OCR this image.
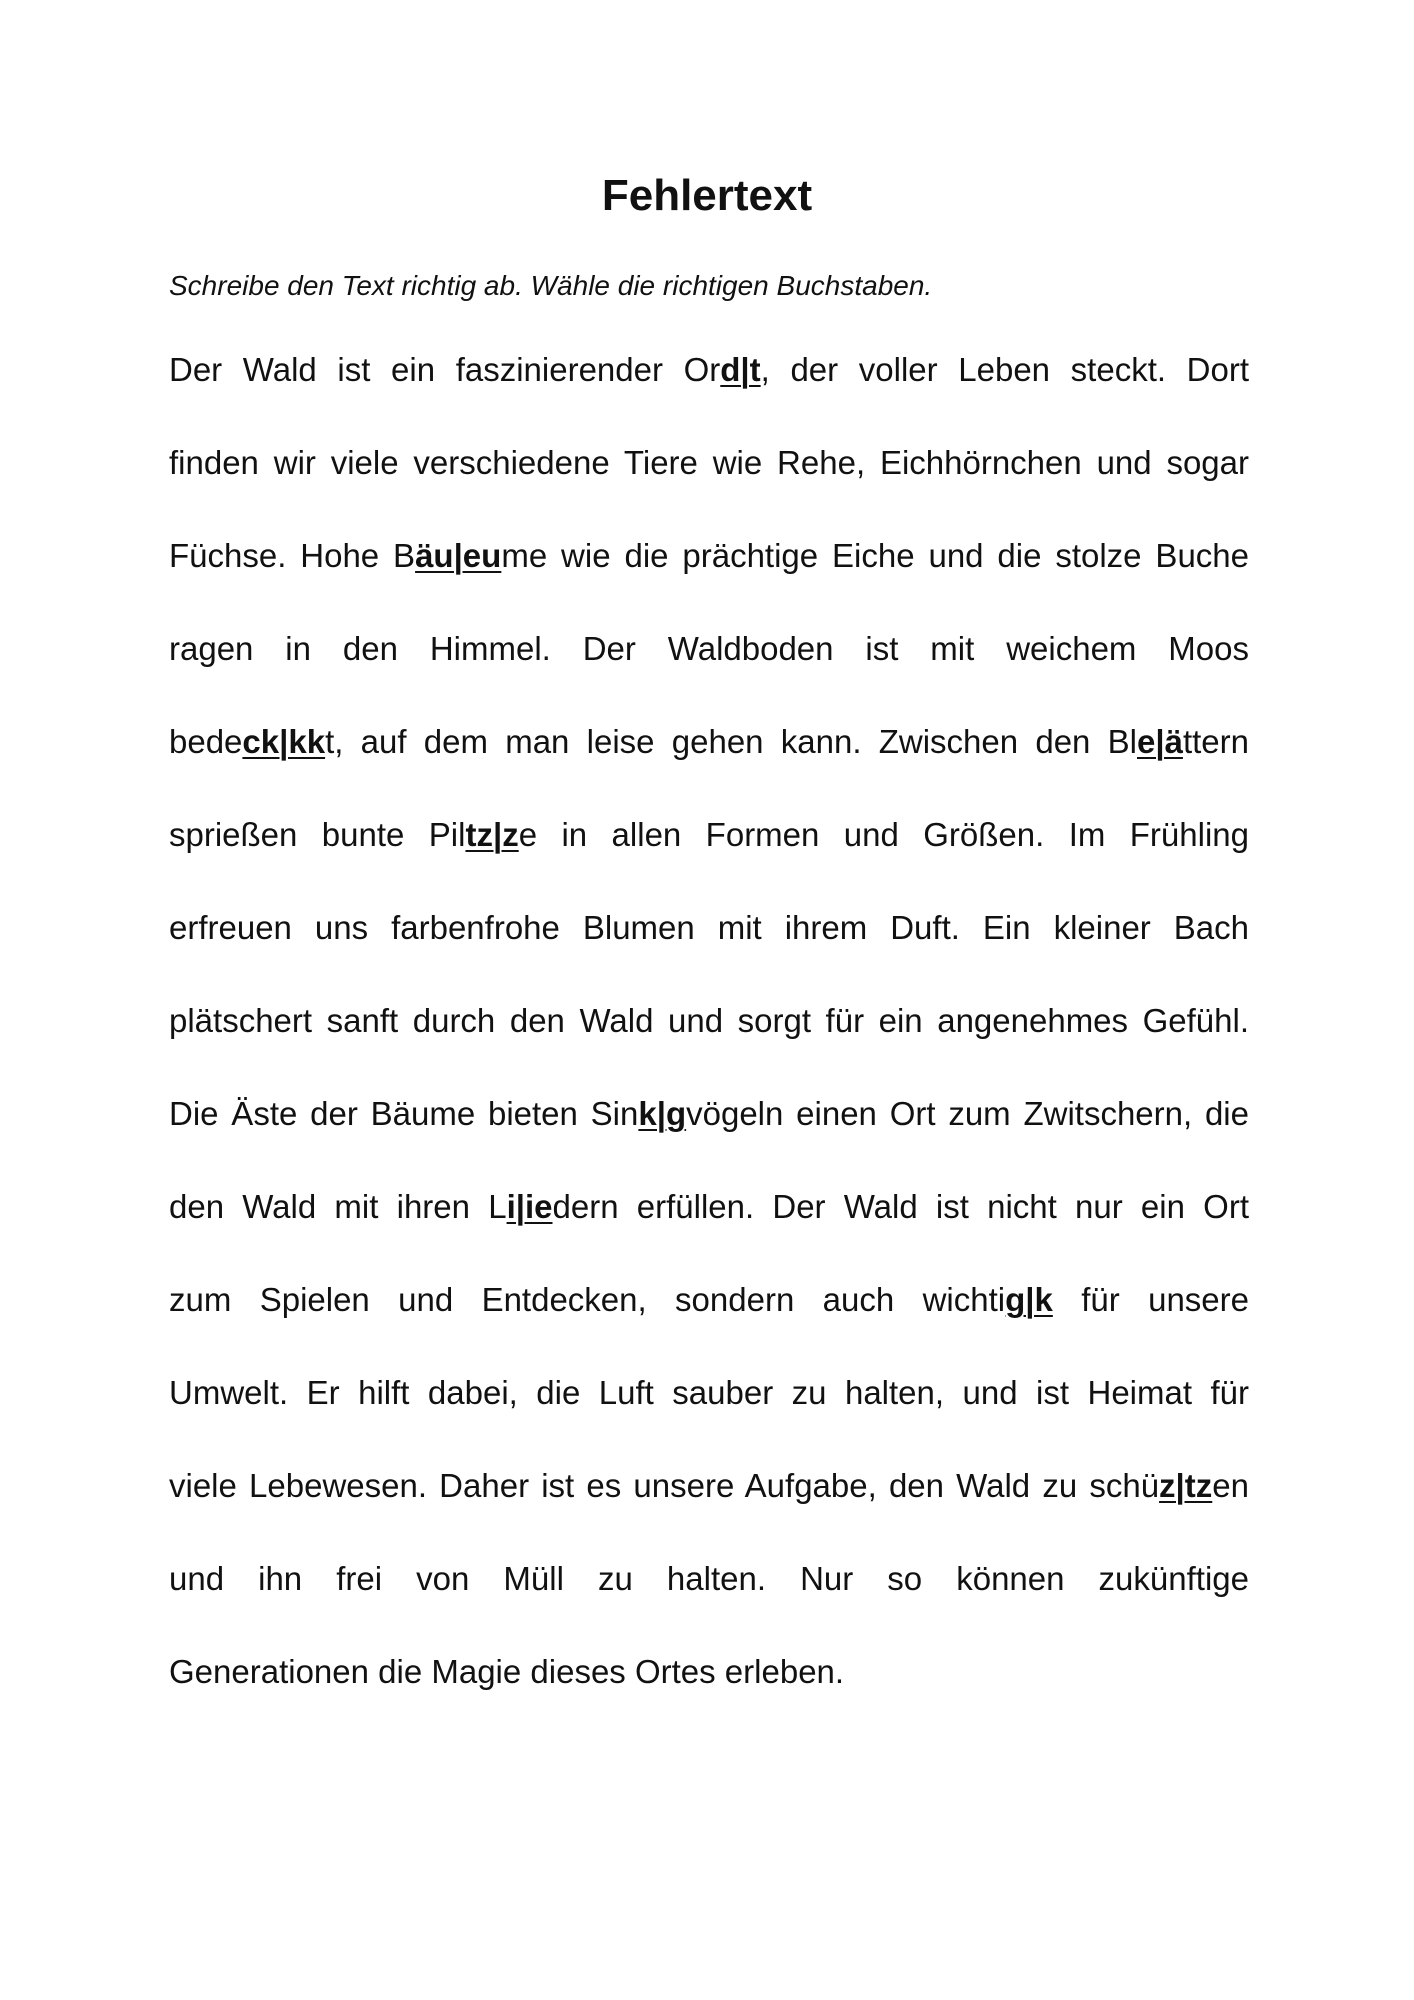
Fehlertext
Schreibe den Text richtig ab. Wähle die richtigen Buchstaben.
Der Wald ist ein faszinierender Ord|t, der voller Leben steckt. Dort
finden wir viele verschiedene Tiere wie Rehe, Eichhörnchen und sogar
Füchse. Hohe Bäu|eume wie die prächtige Eiche und die stolze Buche
ragen in den Himmel. Der Waldboden ist mit weichem Moos
bedeck|kkt, auf dem man leise gehen kann. Zwischen den Ble|ättern
sprießen bunte Piltz|ze in allen Formen und Größen. Im Frühling
erfreuen uns farbenfrohe Blumen mit ihrem Duft. Ein kleiner Bach
plätschert sanft durch den Wald und sorgt für ein angenehmes Gefühl.
Die Äste der Bäume bieten Sink|gvögeln einen Ort zum Zwitschern, die
den Wald mit ihren Li|iedern erfüllen. Der Wald ist nicht nur ein Ort
zum Spielen und Entdecken, sondern auch wichtig|k für unsere
Umwelt. Er hilft dabei, die Luft sauber zu halten, und ist Heimat für
viele Lebewesen. Daher ist es unsere Aufgabe, den Wald zu schüz|tzen
und ihn frei von Müll zu halten. Nur so können zukünftige
Generationen die Magie dieses Ortes erleben.
